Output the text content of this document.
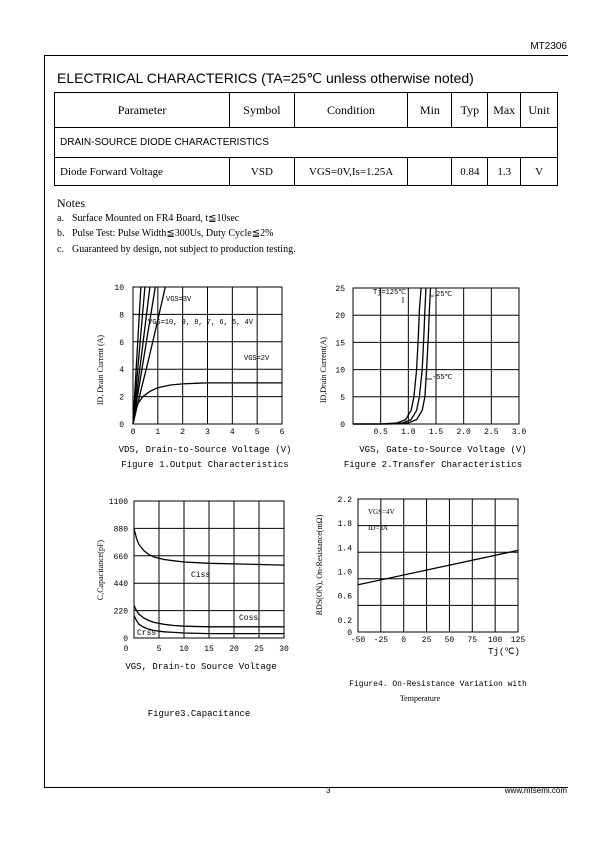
MT2306
ELECTRICAL CHARACTERICS (TA=25℃ unless otherwise noted)
Parameter	Symbol	Condition	Min	Typ	Max	Unit
DRAIN-SOURCE DIODE CHARACTERISTICS						
Diode Forward Voltage	VSD	VGS=0V,Is=1.25A		0.84	1.3	V
Notes
a. Surface Mounted on FR4 Board, t≦10sec
b. Pulse Test: Pulse Width≦300Us, Duty Cycle≦2%
c. Guaranteed by design, not subject to production testing.
0	1	2	3	4	5	6
0
2
4
6
8
10
VDS, Drain-to-Source Voltage (V)
ID, Drain Current (A)
Figure 1.Output Characteristics
VGS=3V
VGS=10, 9, 8, 7, 6, 5, 4V
VGS=2V
0.5 1.0 1.5 2.0 2.5 3.0
0
5
10
15
20
25
VGS, Gate-to-Source Voltage (V)
ID,Drain Current(A)
Figure 2.Transfer Characteristics
Tj=125℃	25℃
-55℃
0	5 10 15 20 25 30
0
220
440
660
880
1100
VGS, Drain-to Source Voltage
C,Capacitance(pF)
Figure3.Capacitance
Ciss
Coss
Crss
-50 -25 0 25 50 75 100 125
0
0.2
0.6
1.0
1.4
1.8
2.2
Tj(℃)
RDS(ON), On-Resistance(mΩ)
Figure4. On-Resistance Variation with
Temperature
VGS=4V
ID=3A
3	www.mtsemi.com
